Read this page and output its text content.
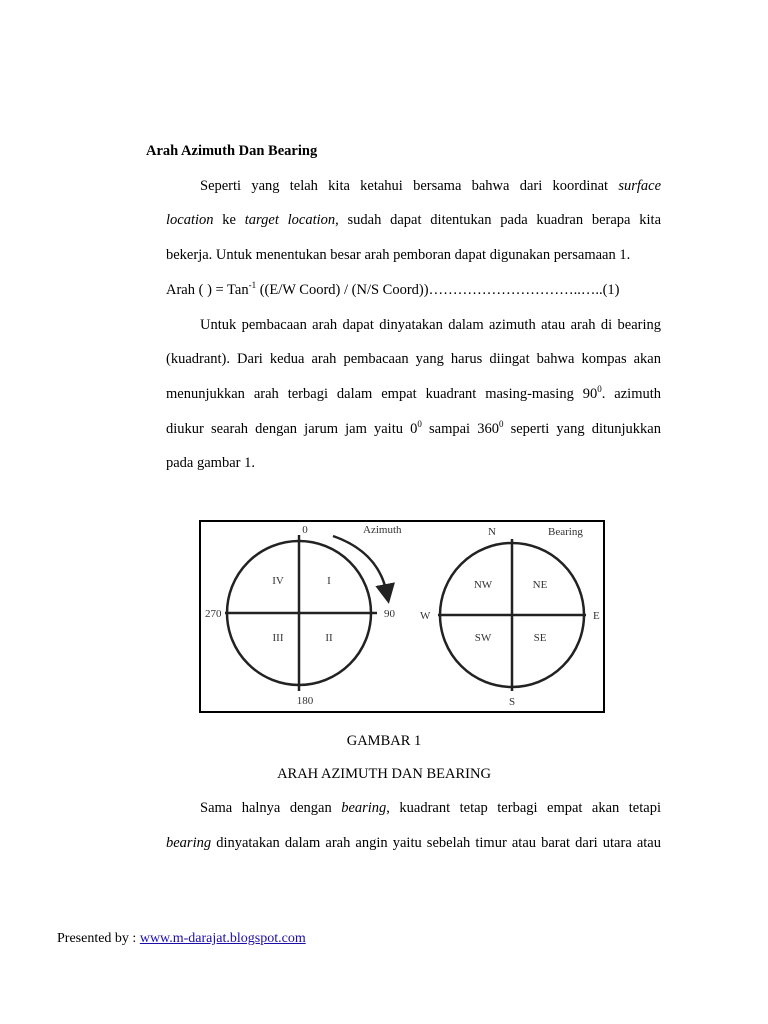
Arah Azimuth Dan Bearing
Seperti yang telah kita ketahui bersama bahwa dari koordinat surface
location ke target location, sudah dapat ditentukan pada kuadran berapa kita
bekerja. Untuk menentukan besar arah pemboran dapat digunakan persamaan 1.
Arah ( ) = Tan$^{-1}$ ((E/W Coord) / (N/S Coord))…………………………..…..(1)
Untuk pembacaan arah dapat dinyatakan dalam azimuth atau arah di bearing
(kuadrant). Dari kedua arah pembacaan yang harus diingat bahwa kompas akan
menunjukkan arah terbagi dalam empat kuadrant masing-masing $90^0$. azimuth
diukur searah dengan jarum jam yaitu $0^0$ sampai $360^0$ seperti yang ditunjukkan
pada gambar 1.
0	Azimuth
90
270
180
IV	I
III	II
N	Bearing
W	E
S
NW	NE
SW	SE
GAMBAR 1
ARAH AZIMUTH DAN BEARING
Sama halnya dengan bearing, kuadrant tetap terbagi empat akan tetapi
bearing dinyatakan dalam arah angin yaitu sebelah timur atau barat dari utara atau
Presented by : www.m-darajat.blogspot.com
